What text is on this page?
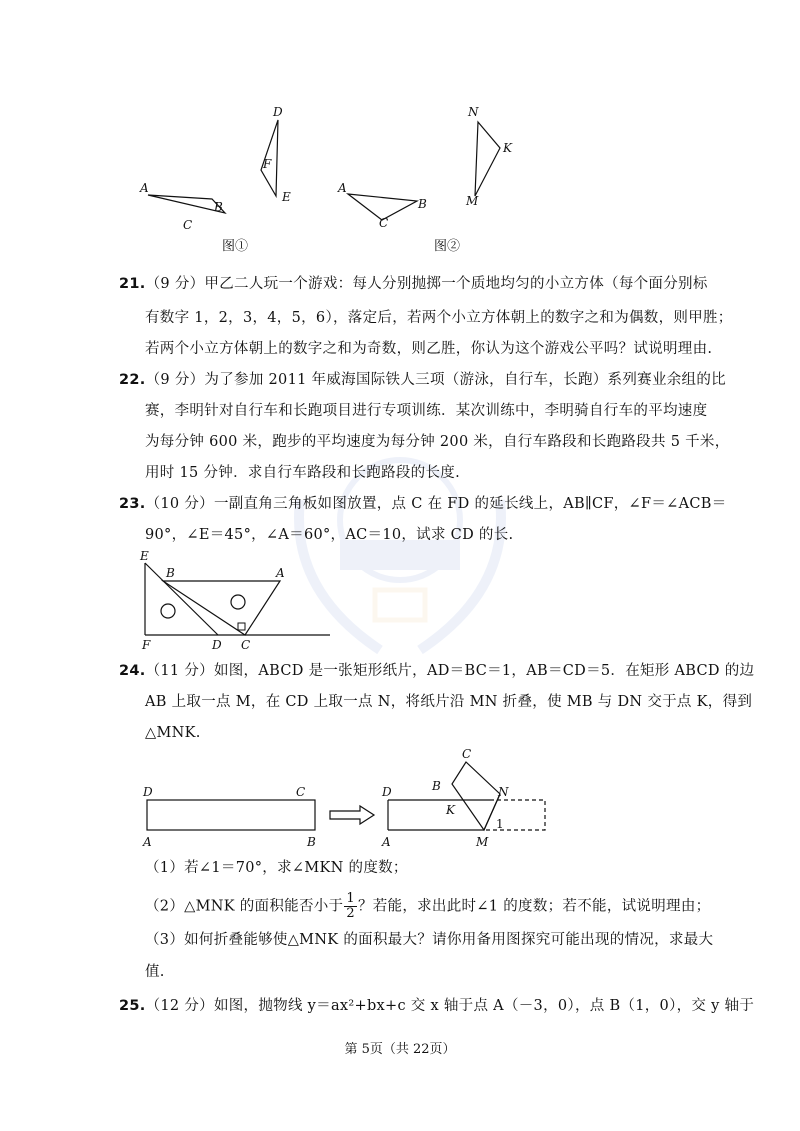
A
B
C
D
E
F
图①
A
B
C
N
K
M
图②
21.（9 分）甲乙二人玩一个游戏：每人分别抛掷一个质地均匀的小立方体（每个面分别标
有数字 1，2，3，4，5，6），落定后，若两个小立方体朝上的数字之和为偶数，则甲胜；
若两个小立方体朝上的数字之和为奇数，则乙胜，你认为这个游戏公平吗？试说明理由.
22.（9 分）为了参加 2011 年威海国际铁人三项（游泳，自行车，长跑）系列赛业余组的比
赛，李明针对自行车和长跑项目进行专项训练．某次训练中，李明骑自行车的平均速度
为每分钟 600 米，跑步的平均速度为每分钟 200 米，自行车路段和长跑路段共 5 千米，
用时 15 分钟．求自行车路段和长跑路段的长度.
23.（10 分）一副直角三角板如图放置，点 C 在 FD 的延长线上，AB∥CF，∠F＝∠ACB＝
90°，∠E＝45°，∠A＝60°，AC＝10，试求 CD 的长.
E
B	A
F	D C
24.（11 分）如图，ABCD 是一张矩形纸片，AD＝BC＝1，AB＝CD＝5．在矩形 ABCD 的边
AB 上取一点 M，在 CD 上取一点 N，将纸片沿 MN 折叠，使 MB 与 DN 交于点 K，得到
△MNK.
D	C
A	B
C
B
D	N
K
A	M
1
（1）若∠1＝70°，求∠MKN 的度数；
（2）△MNK 的面积能否小于 $\frac{1}{2}$ ？若能，求出此时∠1 的度数；若不能，试说明理由；
（3）如何折叠能够使△MNK 的面积最大？请你用备用图探究可能出现的情况，求最大
值.
25.（12 分）如图，抛物线 y＝ax²+bx+c 交 x 轴于点 A（－3，0），点 B（1，0），交 y 轴于
第 5页（共 22页）
